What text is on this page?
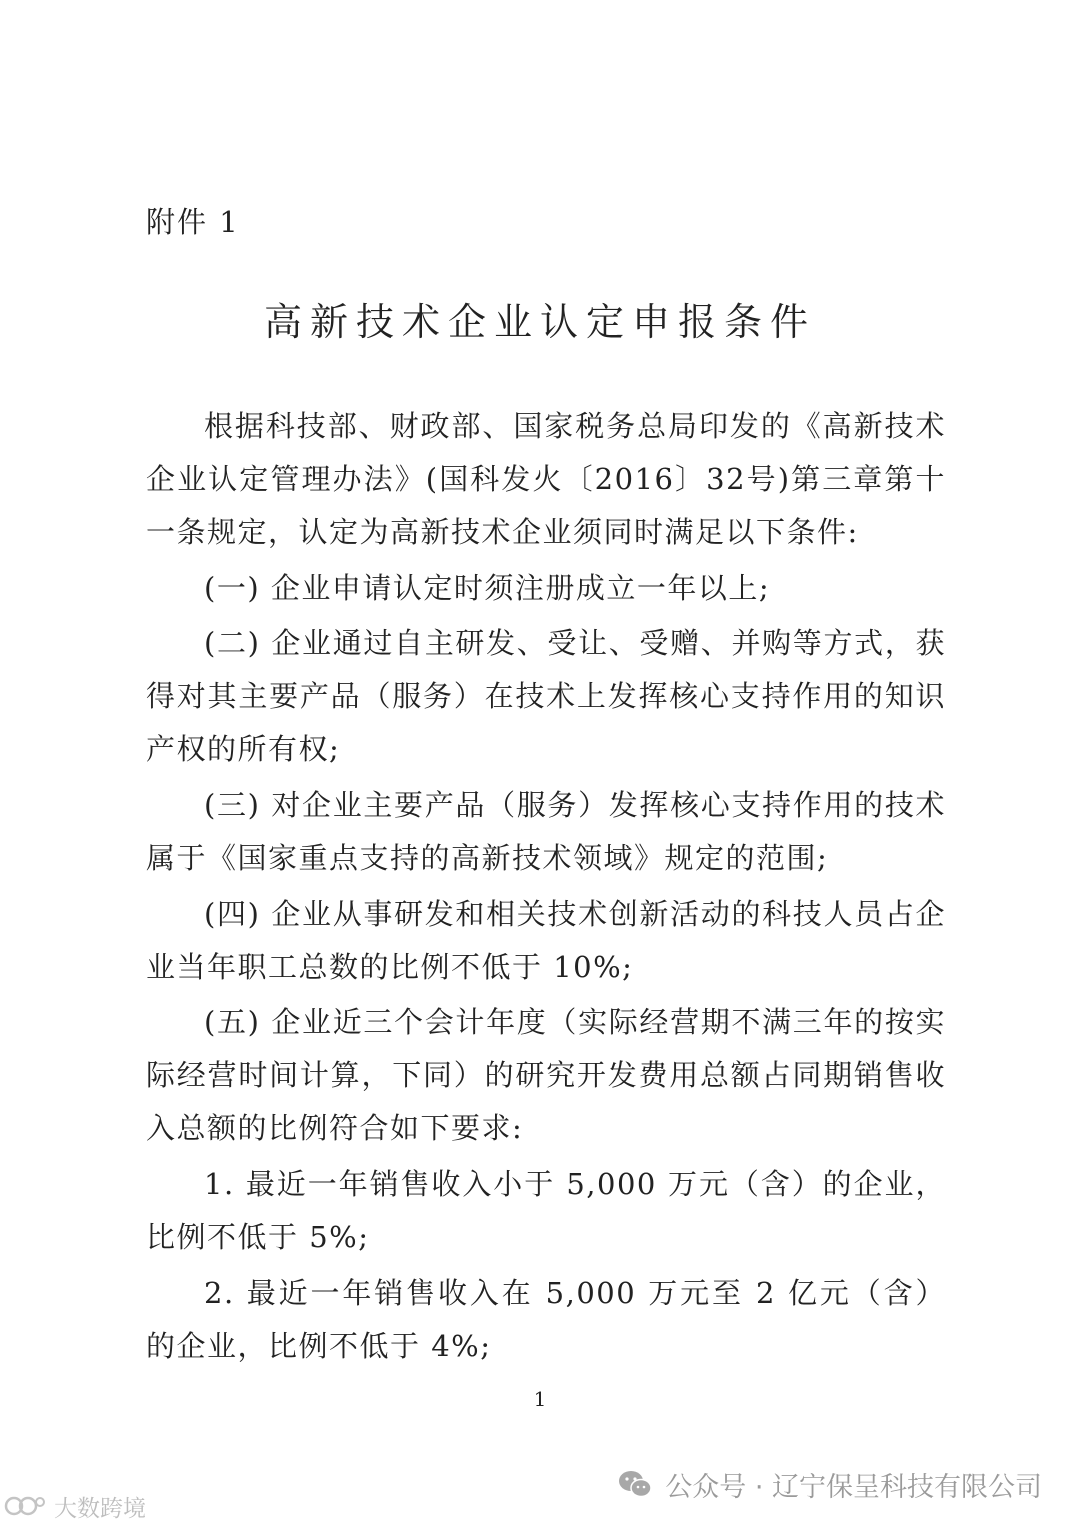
附件 1
高新技术企业认定申报条件

根据科技部、财政部、国家税务总局印发的《高新技术企业认定管理办法》(国科发火〔2016〕32号)第三章第十一条规定，认定为高新技术企业须同时满足以下条件:

(一) 企业申请认定时须注册成立一年以上;

(二) 企业通过自主研发、受让、受赠、并购等方式，获得对其主要产品（服务）在技术上发挥核心支持作用的知识产权的所有权;

(三) 对企业主要产品（服务）发挥核心支持作用的技术属于《国家重点支持的高新技术领域》规定的范围;

(四) 企业从事研发和相关技术创新活动的科技人员占企业当年职工总数的比例不低于 10%;

(五) 企业近三个会计年度（实际经营期不满三年的按实际经营时间计算，下同）的研究开发费用总额占同期销售收入总额的比例符合如下要求:

1. 最近一年销售收入小于 5,000 万元（含）的企业，比例不低于 5%;

2. 最近一年销售收入在 5,000 万元至 2 亿元（含）的企业，比例不低于 4%;

1
公众号 · 辽宁保呈科技有限公司
大数跨境
